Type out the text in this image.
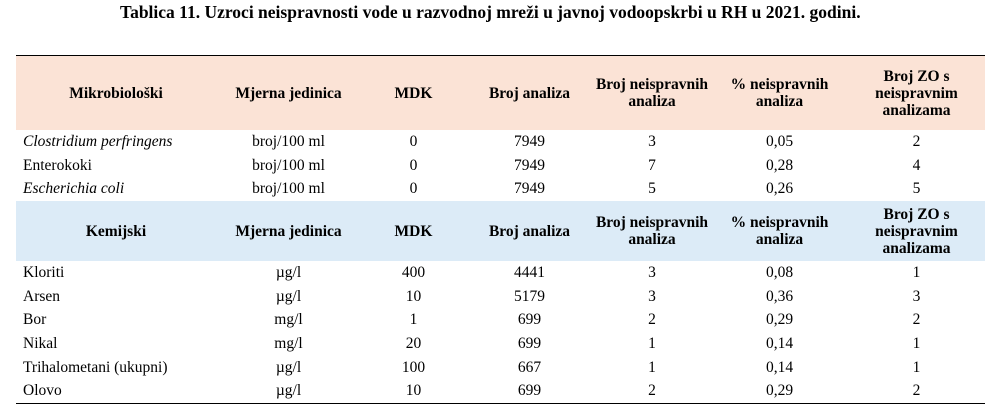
Tablica 11. Uzroci neispravnosti vode u razvodnoj mreži u javnoj vodoopskrbi u RH u 2021. godini.
Mikrobiološki	Mjerna jedinica	MDK	Broj analiza	Broj neispravnih analiza	% neispravnih analiza	Broj ZO s neispravnim analizama
Clostridium perfringens	broj/100 ml	0	7949	3	0,05	2
Enterokoki	broj/100 ml	0	7949	7	0,28	4
Escherichia coli	broj/100 ml	0	7949	5	0,26	5
Kemijski	Mjerna jedinica	MDK	Broj analiza	Broj neispravnih analiza	% neispravnih analiza	Broj ZO s neispravnim analizama
Kloriti	µg/l	400	4441	3	0,08	1
Arsen	µg/l	10	5179	3	0,36	3
Bor	mg/l	1	699	2	0,29	2
Nikal	mg/l	20	699	1	0,14	1
Trihalometani (ukupni)	µg/l	100	667	1	0,14	1
Olovo	µg/l	10	699	2	0,29	2
